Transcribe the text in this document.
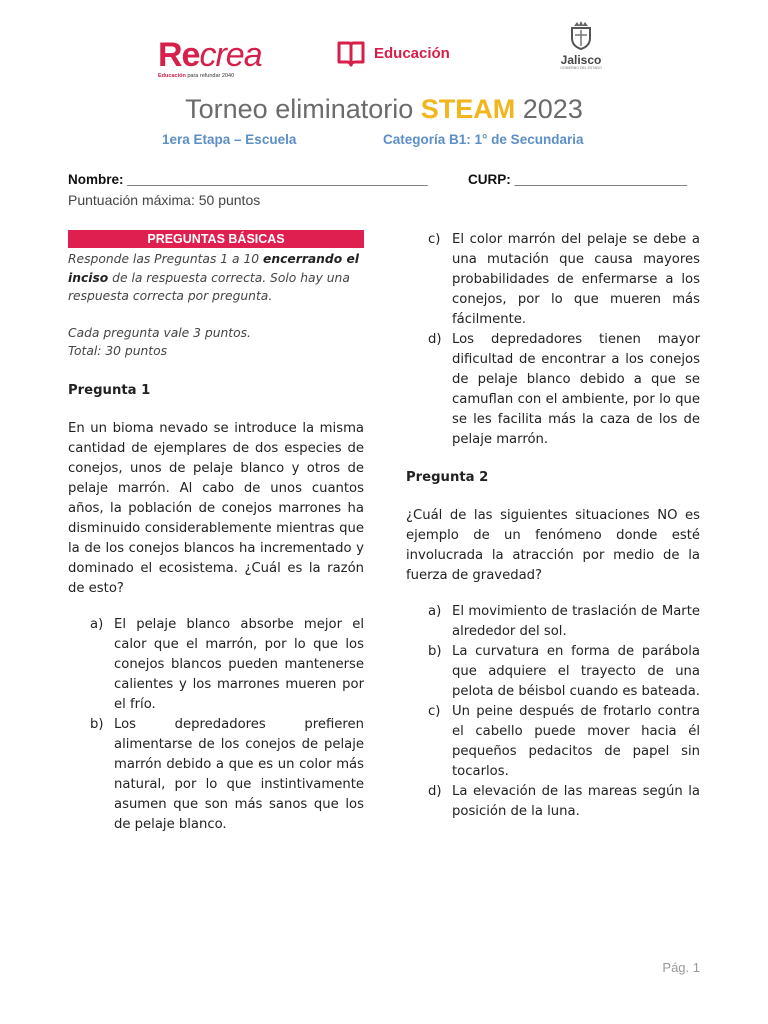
Recrea
Educación para refundar 2040
Educación	Jalisco
GOBIERNO DEL ESTADO
Torneo eliminatorio STEAM 2023
1era Etapa – Escuela	Categoría B1: 1° de Secundaria
Nombre: ________________________________________	CURP: _______________________
Puntuación máxima: 50 puntos
PREGUNTAS BÁSICAS
Responde las Preguntas 1 a 10 encerrando el inciso de la respuesta correcta. Solo hay una respuesta correcta por pregunta.
Cada pregunta vale 3 puntos.
Total: 30 puntos
Pregunta 1
En un bioma nevado se introduce la misma cantidad de ejemplares de dos especies de conejos, unos de pelaje blanco y otros de pelaje marrón. Al cabo de unos cuantos años, la población de conejos marrones ha disminuido considerablemente mientras que la de los conejos blancos ha incrementado y dominado el ecosistema. ¿Cuál es la razón de esto?
a) El pelaje blanco absorbe mejor el calor que el marrón, por lo que los conejos blancos pueden mantenerse calientes y los marrones mueren por el frío.
b) Los depredadores prefieren alimentarse de los conejos de pelaje marrón debido a que es un color más natural, por lo que instintivamente asumen que son más sanos que los de pelaje blanco.
c) El color marrón del pelaje se debe a una mutación que causa mayores probabilidades de enfermarse a los conejos, por lo que mueren más fácilmente.
d) Los depredadores tienen mayor dificultad de encontrar a los conejos de pelaje blanco debido a que se camuflan con el ambiente, por lo que se les facilita más la caza de los de pelaje marrón.
Pregunta 2
¿Cuál de las siguientes situaciones NO es ejemplo de un fenómeno donde esté involucrada la atracción por medio de la fuerza de gravedad?
a) El movimiento de traslación de Marte alrededor del sol.
b) La curvatura en forma de parábola que adquiere el trayecto de una pelota de béisbol cuando es bateada.
c) Un peine después de frotarlo contra el cabello puede mover hacia él pequeños pedacitos de papel sin tocarlos.
d) La elevación de las mareas según la posición de la luna.
Pág. 1
